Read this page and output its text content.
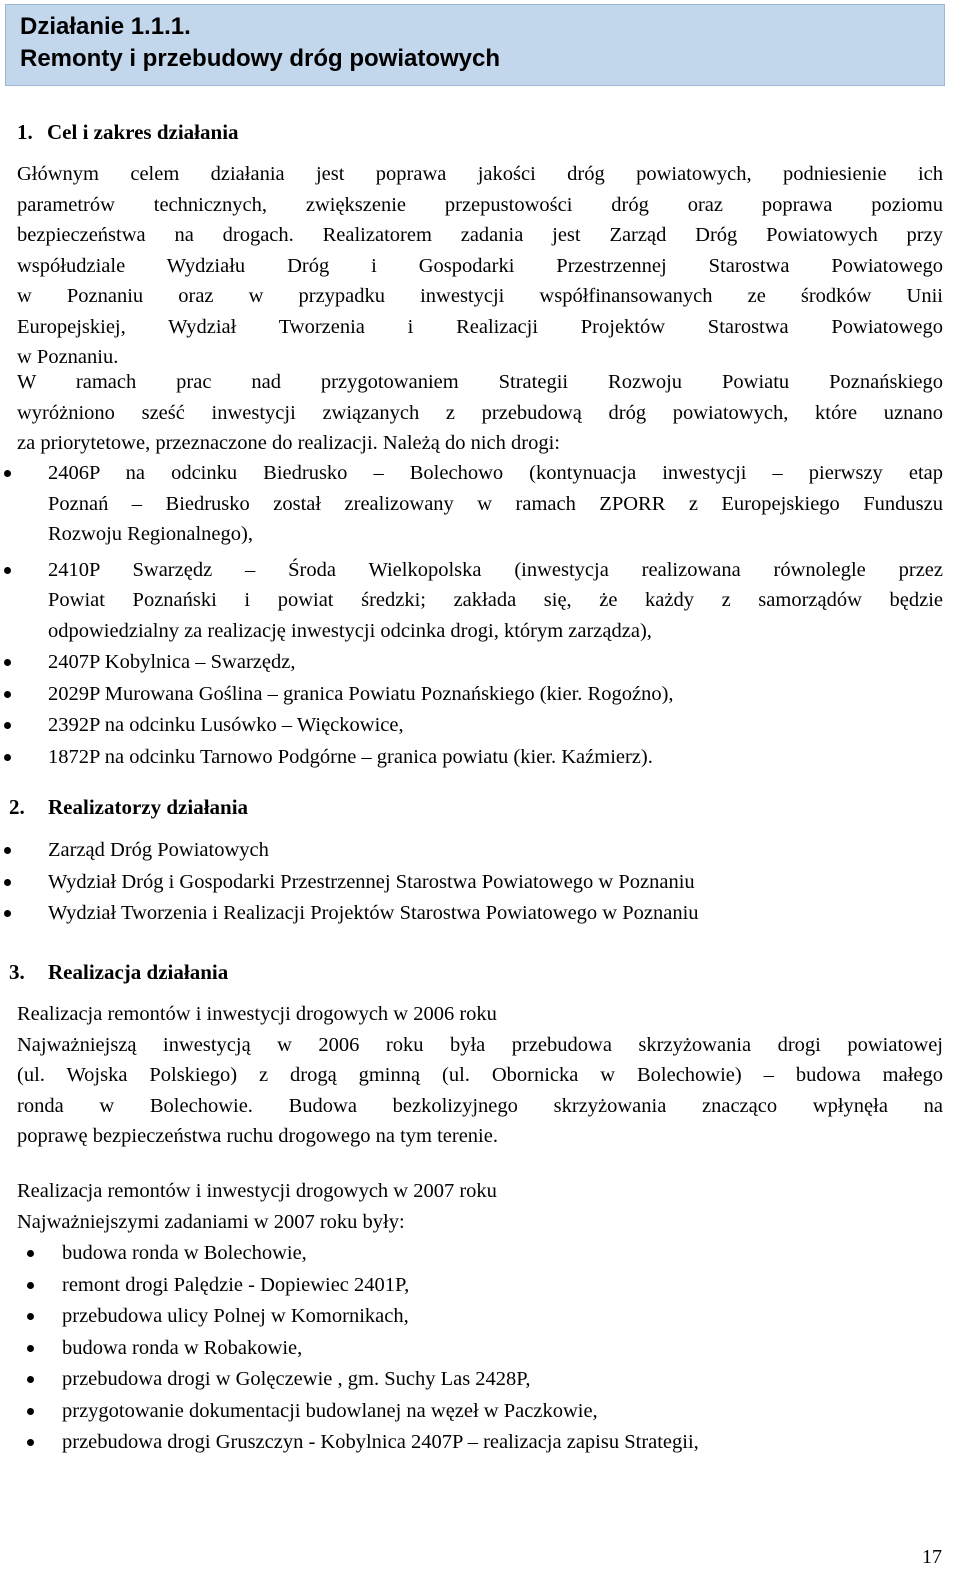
Działanie 1.1.1.
Remonty i przebudowy dróg powiatowych
1. Cel i zakres działania
Głównym celem działania jest poprawa jakości dróg powiatowych, podniesienie ich
parametrów technicznych, zwiększenie przepustowości dróg oraz poprawa poziomu
bezpieczeństwa na drogach. Realizatorem zadania jest Zarząd Dróg Powiatowych przy
współudziale Wydziału Dróg i Gospodarki Przestrzennej Starostwa Powiatowego
w Poznaniu oraz w przypadku inwestycji współfinansowanych ze środków Unii
Europejskiej, Wydział Tworzenia i Realizacji Projektów Starostwa Powiatowego
w Poznaniu.
W ramach prac nad przygotowaniem Strategii Rozwoju Powiatu Poznańskiego
wyróżniono sześć inwestycji związanych z przebudową dróg powiatowych, które uznano
za priorytetowe, przeznaczone do realizacji. Należą do nich drogi:
2406P na odcinku Biedrusko – Bolechowo (kontynuacja inwestycji – pierwszy etap
Poznań – Biedrusko został zrealizowany w ramach ZPORR z Europejskiego Funduszu
Rozwoju Regionalnego),
2410P Swarzędz – Środa Wielkopolska (inwestycja realizowana równolegle przez
Powiat Poznański i powiat średzki; zakłada się, że każdy z samorządów będzie
odpowiedzialny za realizację inwestycji odcinka drogi, którym zarządza),
2407P Kobylnica – Swarzędz,
2029P Murowana Goślina – granica Powiatu Poznańskiego (kier. Rogoźno),
2392P na odcinku Lusówko – Więckowice,
1872P na odcinku Tarnowo Podgórne – granica powiatu (kier. Kaźmierz).
2. Realizatorzy działania
Zarząd Dróg Powiatowych
Wydział Dróg i Gospodarki Przestrzennej Starostwa Powiatowego w Poznaniu
Wydział Tworzenia i Realizacji Projektów Starostwa Powiatowego w Poznaniu
3. Realizacja działania
Realizacja remontów i inwestycji drogowych w 2006 roku
Najważniejszą inwestycją w 2006 roku była przebudowa skrzyżowania drogi powiatowej
(ul. Wojska Polskiego) z drogą gminną (ul. Obornicka w Bolechowie) – budowa małego
ronda w Bolechowie. Budowa bezkolizyjnego skrzyżowania znacząco wpłynęła na
poprawę bezpieczeństwa ruchu drogowego na tym terenie.
Realizacja remontów i inwestycji drogowych w 2007 roku
Najważniejszymi zadaniami w 2007 roku były:
budowa ronda w Bolechowie,
remont drogi Palędzie - Dopiewiec 2401P,
przebudowa ulicy Polnej w Komornikach,
budowa ronda w Robakowie,
przebudowa drogi w Golęczewie , gm. Suchy Las 2428P,
przygotowanie dokumentacji budowlanej na węzeł w Paczkowie,
przebudowa drogi Gruszczyn - Kobylnica 2407P – realizacja zapisu Strategii,
17
